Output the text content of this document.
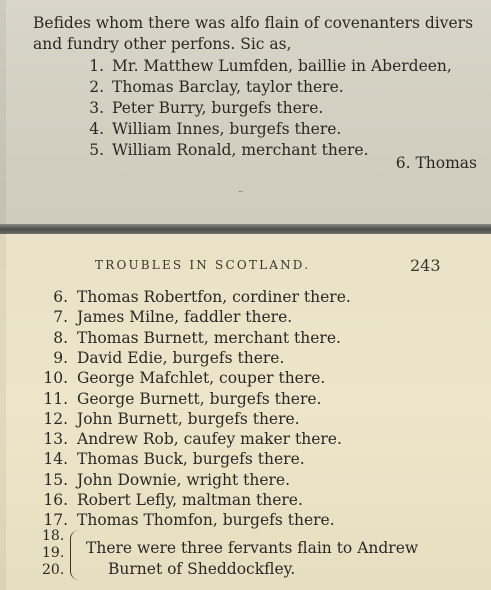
Befides whom there was alfo flain of covenanters divers
and fundry other perfons. Sic as,
1. Mr. Matthew Lumfden, baillie in Aberdeen,
2. Thomas Barclay, taylor there.
3. Peter Burry, burgefs there.
4. William Innes, burgefs there.
5. William Ronald, merchant there.
6. Thomas
–
TROUBLES IN SCOTLAND.	243
6. Thomas Robertfon, cordiner there.
7. James Milne, faddler there.
8. Thomas Burnett, merchant there.
9. David Edie, burgefs there.
10. George Mafchlet, couper there.
11. George Burnett, burgefs there.
12. John Burnett, burgefs there.
13. Andrew Rob, caufey maker there.
14. Thomas Buck, burgefs there.
15. John Downie, wright there.
16. Robert Lefly, maltman there.
17. Thomas Thomfon, burgefs there.
18.
19.
20.
There were three fervants flain to Andrew
Burnet of Sheddockfley.
